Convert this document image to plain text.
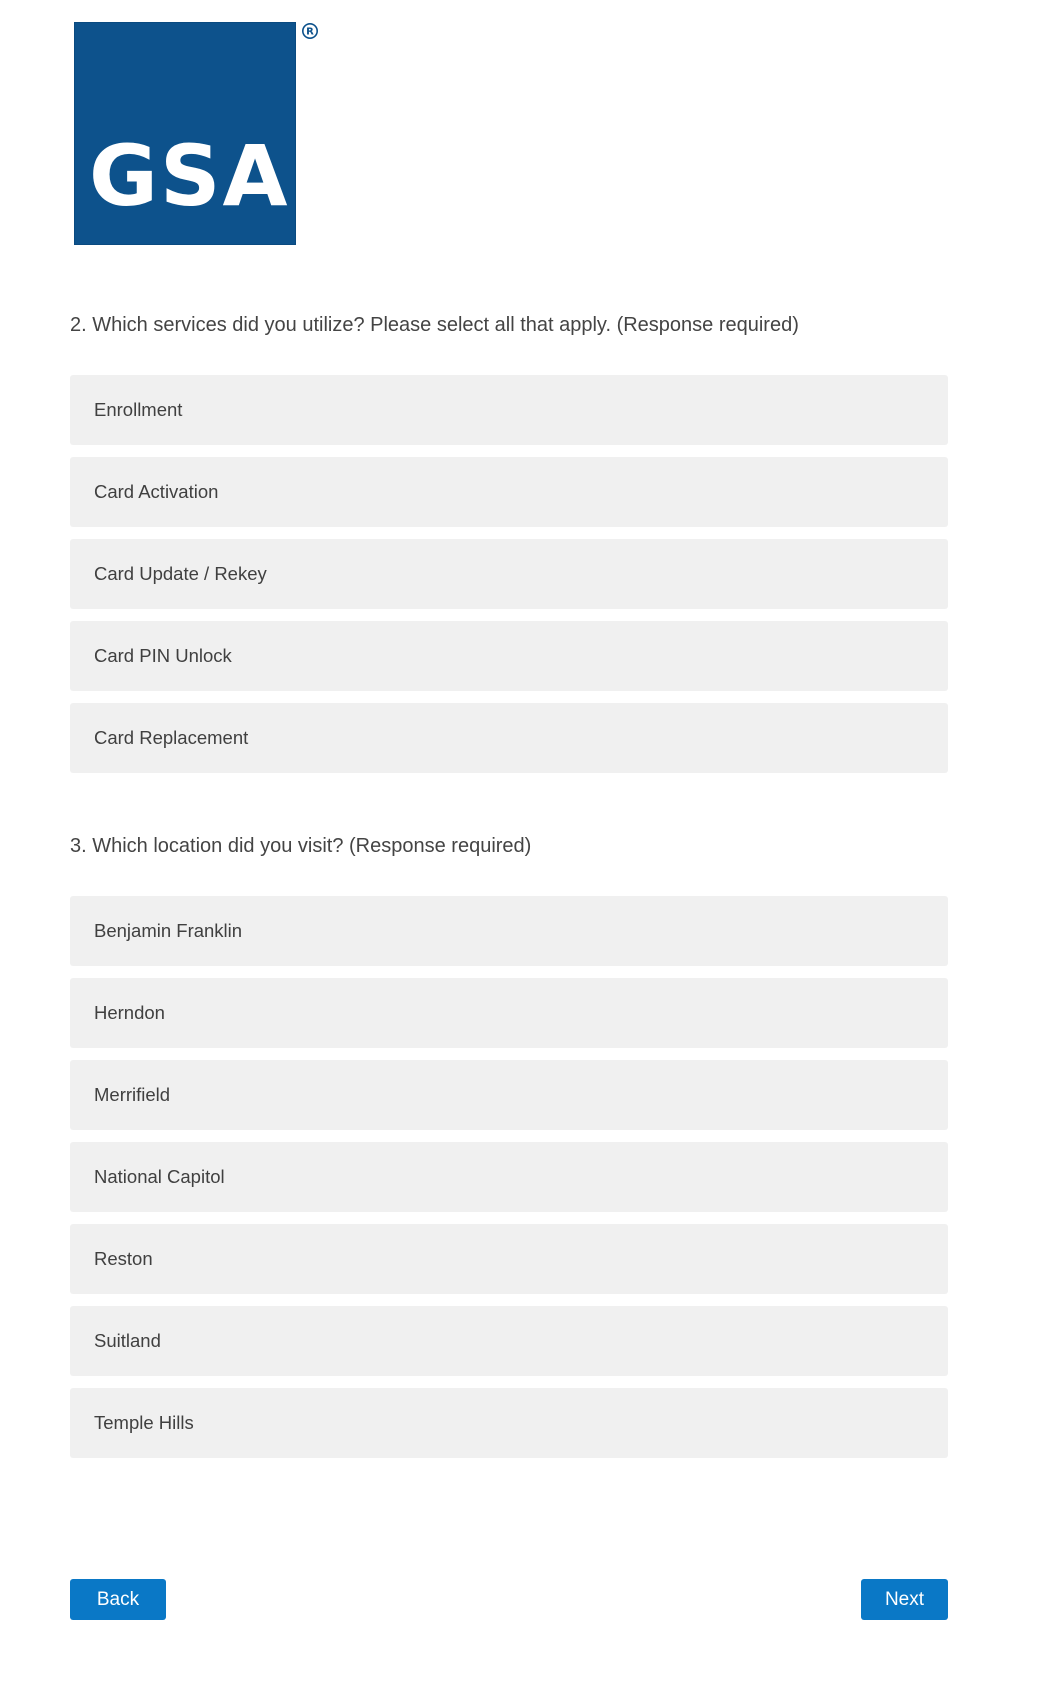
GSA
R
2. Which services did you utilize? Please select all that apply. (Response required)
Enrollment
Card Activation
Card Update / Rekey
Card PIN Unlock
Card Replacement
3. Which location did you visit? (Response required)
Benjamin Franklin
Herndon
Merrifield
National Capitol
Reston
Suitland
Temple Hills
Back	Next
